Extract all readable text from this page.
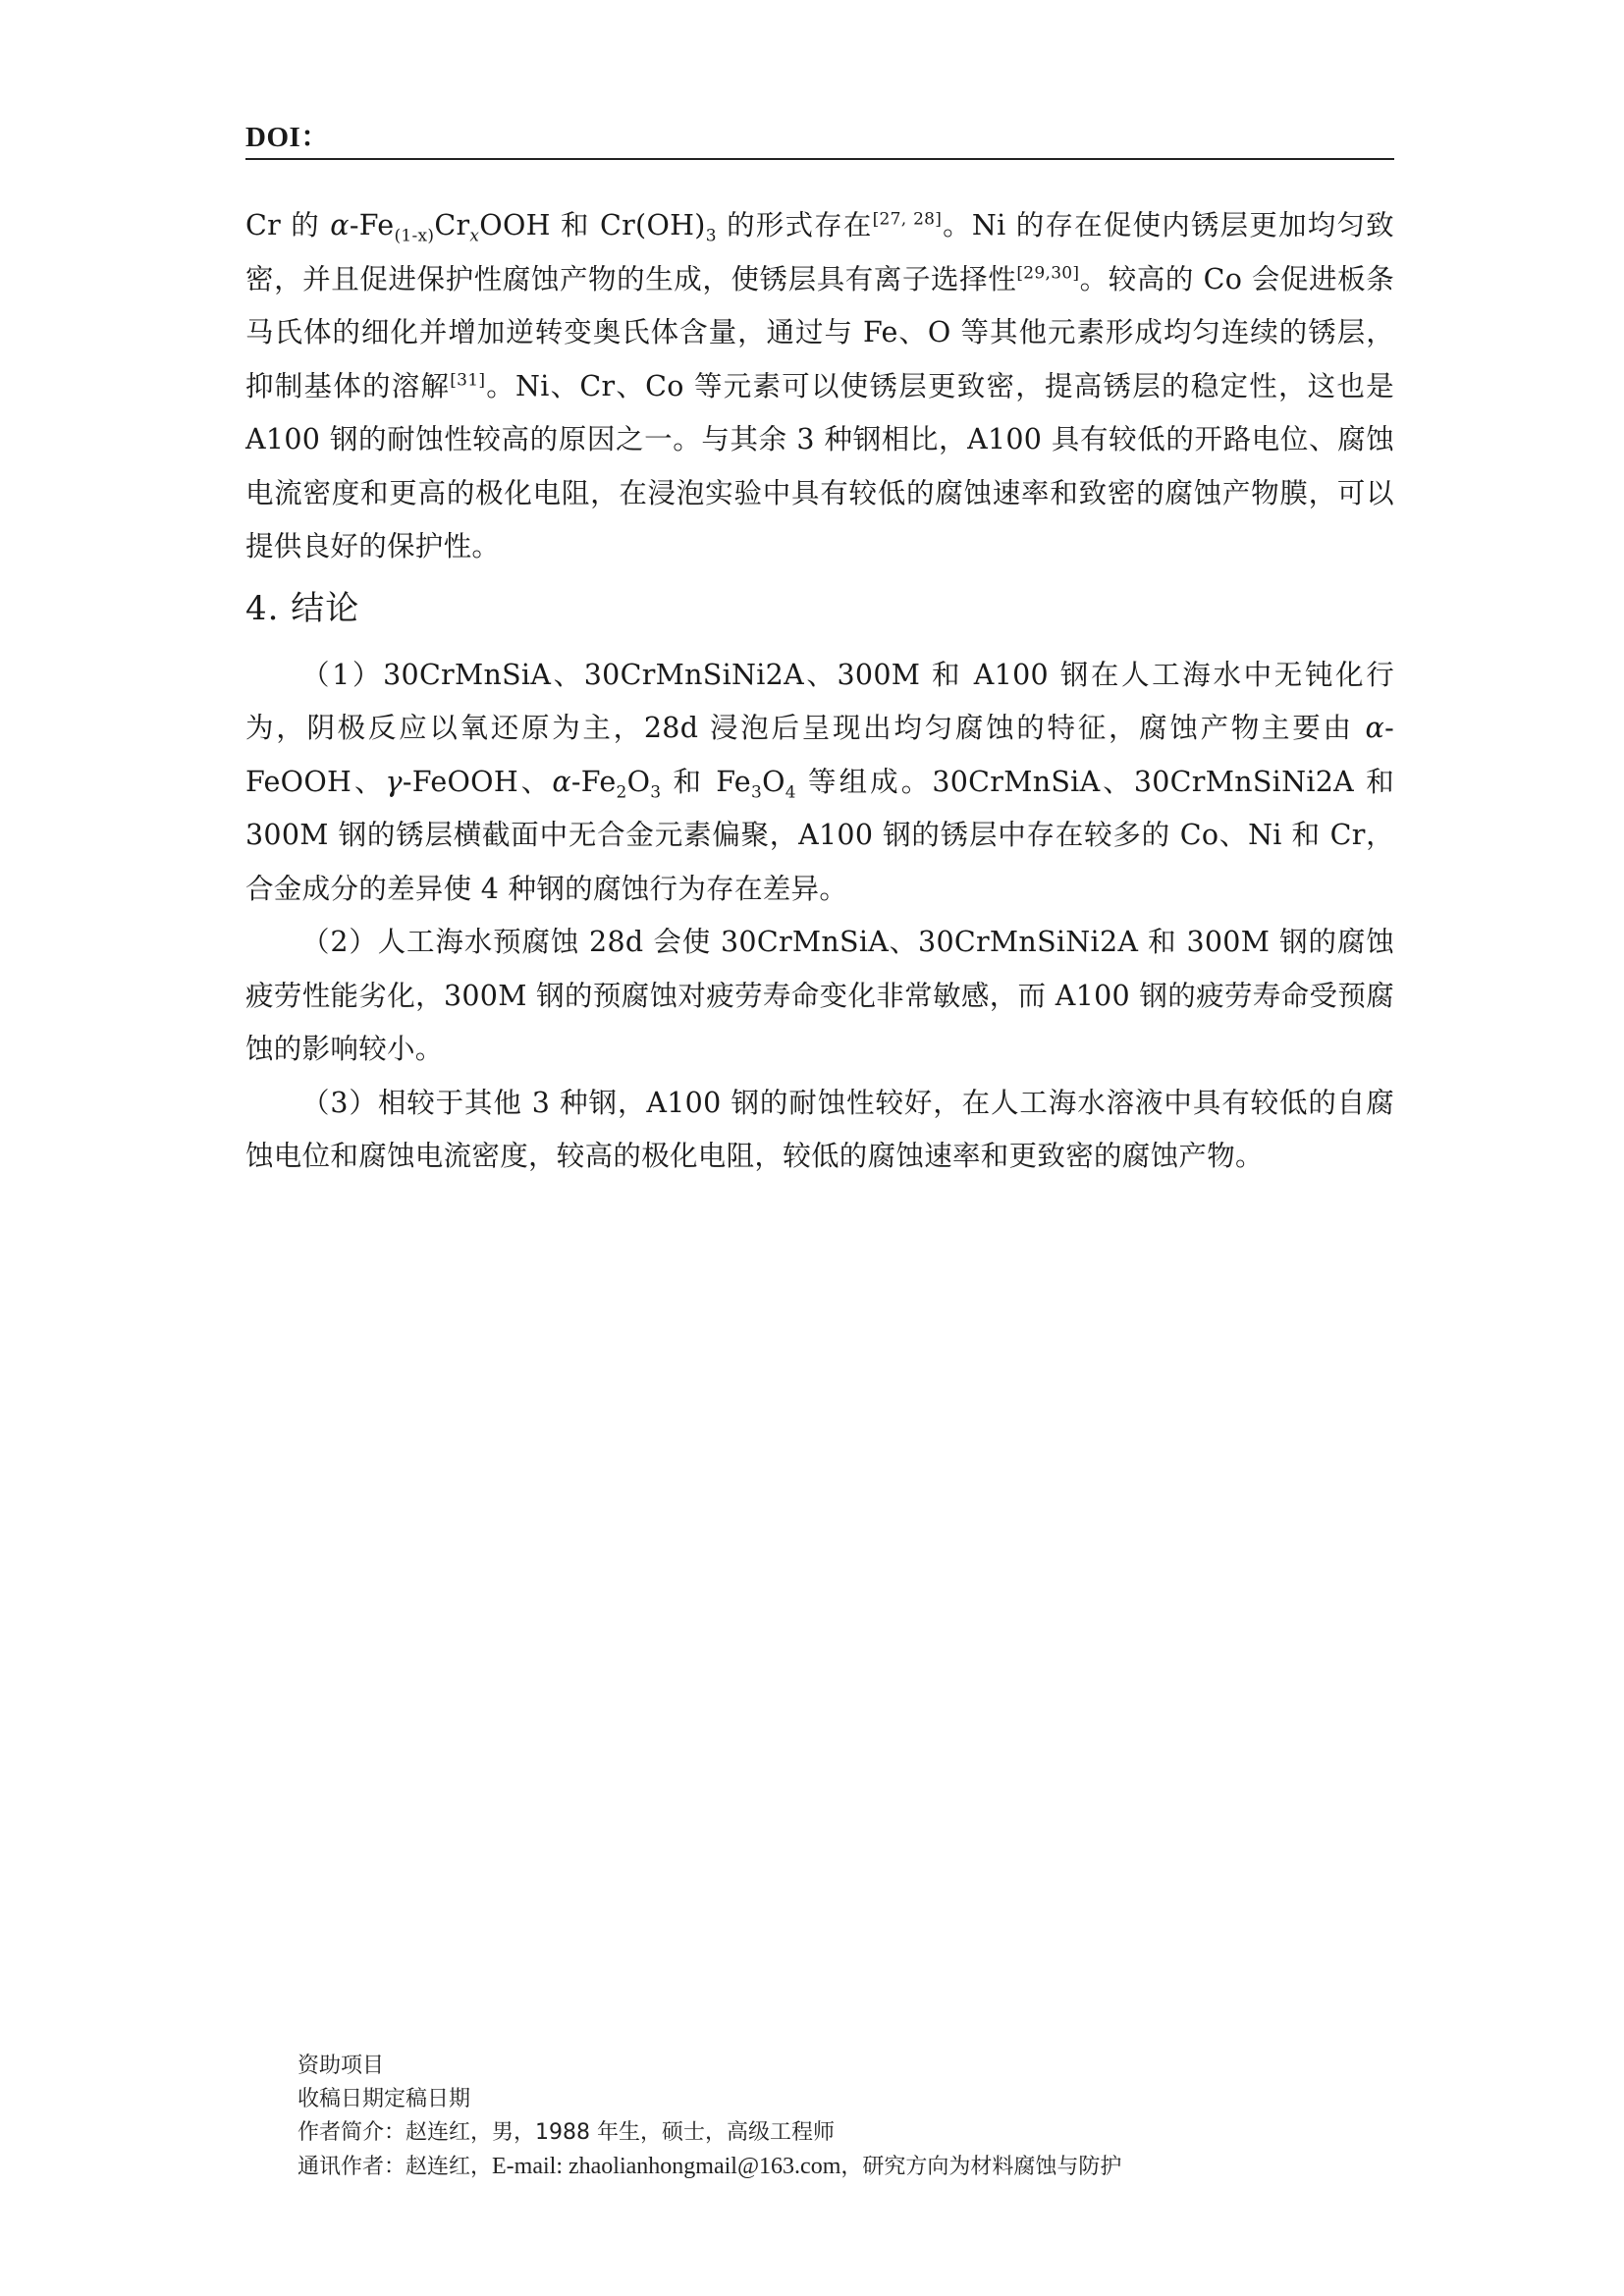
DOI：

Cr 的 $\alpha-Fe_{(1-x)}Cr_xOOH$ 和 $Cr(OH)_3$ 的形式存在[27, 28]。Ni 的存在促使内锈层更加均匀致密，并且促进保护性腐蚀产物的生成，使锈层具有离子选择性[29,30]。较高的 Co 会促进板条马氏体的细化并增加逆转变奥氏体含量，通过与 Fe、O 等其他元素形成均匀连续的锈层，抑制基体的溶解[31]。Ni、Cr、Co 等元素可以使锈层更致密，提高锈层的稳定性，这也是 A100 钢的耐蚀性较高的原因之一。与其余 3 种钢相比，A100 具有较低的开路电位、腐蚀电流密度和更高的极化电阻，在浸泡实验中具有较低的腐蚀速率和致密的腐蚀产物膜，可以提供良好的保护性。

4. 结论

（1）30CrMnSiA、30CrMnSiNi2A、300M 和 A100 钢在人工海水中无钝化行为，阴极反应以氧还原为主，28d 浸泡后呈现出均匀腐蚀的特征，腐蚀产物主要由 α-FeOOH、γ-FeOOH、$\alpha-Fe_2O_3$ 和 $Fe_3O_4$ 等组成。30CrMnSiA、30CrMnSiNi2A 和 300M 钢的锈层横截面中无合金元素偏聚，A100 钢的锈层中存在较多的 Co、Ni 和 Cr，合金成分的差异使 4 种钢的腐蚀行为存在差异。

（2）人工海水预腐蚀 28d 会使 30CrMnSiA、30CrMnSiNi2A 和 300M 钢的腐蚀疲劳性能劣化，300M 钢的预腐蚀对疲劳寿命变化非常敏感，而 A100 钢的疲劳寿命受预腐蚀的影响较小。

（3）相较于其他 3 种钢，A100 钢的耐蚀性较好，在人工海水溶液中具有较低的自腐蚀电位和腐蚀电流密度，较高的极化电阻，较低的腐蚀速率和更致密的腐蚀产物。

资助项目
收稿日期定稿日期
作者简介：赵连红，男，1988 年生，硕士，高级工程师
通讯作者：赵连红，E-mail: zhaolianhongmail@163.com，研究方向为材料腐蚀与防护
